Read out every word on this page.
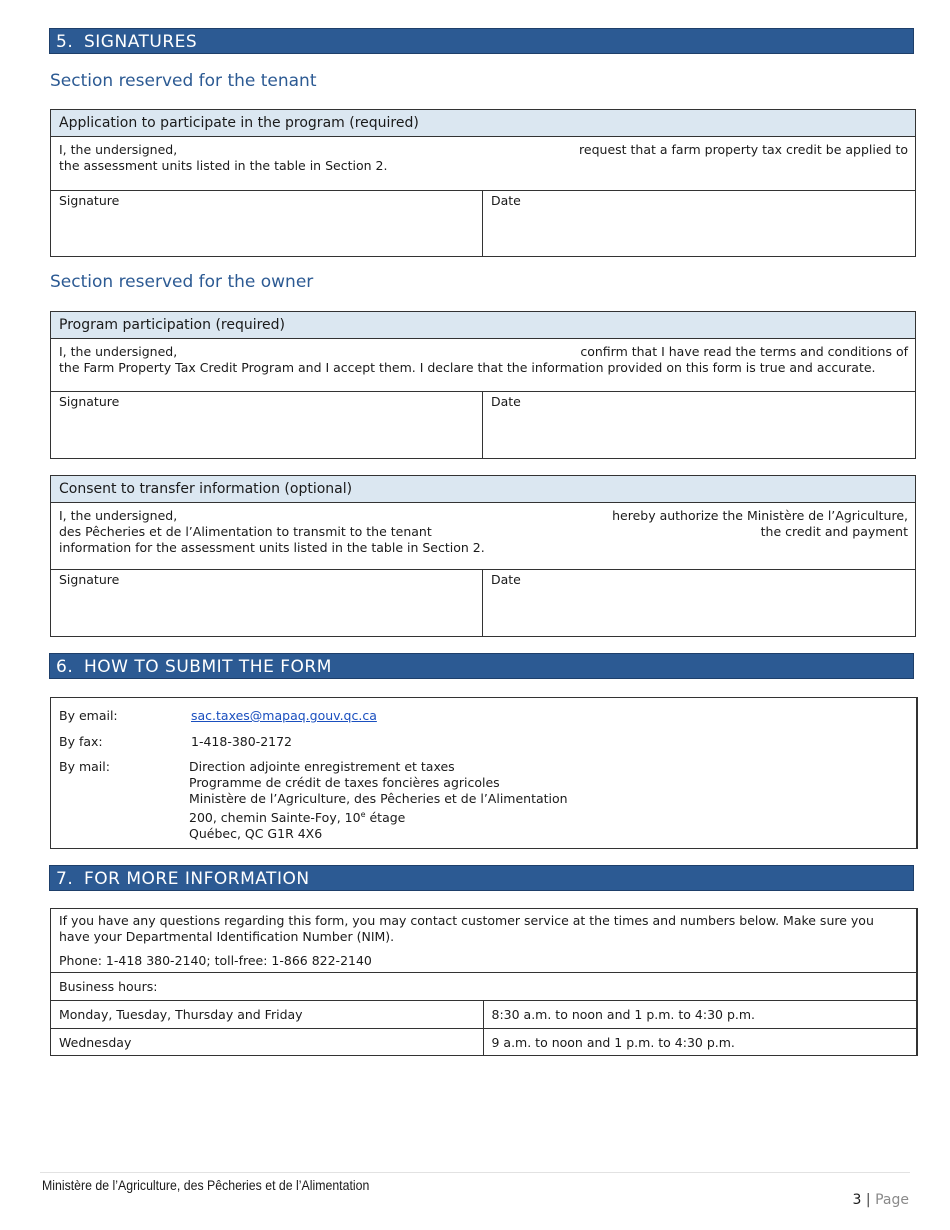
5. SIGNATURES
Section reserved for the tenant
Application to participate in the program (required)
I, the undersigned,	request that a farm property tax credit be applied to
the assessment units listed in the table in Section 2.
Signature	Date
Section reserved for the owner
Program participation (required)
I, the undersigned,	confirm that I have read the terms and conditions of
the Farm Property Tax Credit Program and I accept them. I declare that the information provided on this form is true and accurate.
Signature	Date
Consent to transfer information (optional)
I, the undersigned,	hereby authorize the Ministère de l’Agriculture,
des Pêcheries et de l’Alimentation to transmit to the tenant	the credit and payment
information for the assessment units listed in the table in Section 2.
Signature	Date
6. HOW TO SUBMIT THE FORM
By email:	sac.taxes@mapaq.gouv.qc.ca
By fax:	1-418-380-2172
By mail:	Direction adjointe enregistrement et taxes
Programme de crédit de taxes foncières agricoles
Ministère de l’Agriculture, des Pêcheries et de l’Alimentation
200, chemin Sainte-Foy, 10e étage
Québec, QC G1R 4X6
7. FOR MORE INFORMATION
If you have any questions regarding this form, you may contact customer service at the times and numbers below. Make sure you have your Departmental Identification Number (NIM).
Phone: 1-418 380-2140; toll-free: 1-866 822-2140
Business hours:
Monday, Tuesday, Thursday and Friday	8:30 a.m. to noon and 1 p.m. to 4:30 p.m.
Wednesday	9 a.m. to noon and 1 p.m. to 4:30 p.m.
Ministère de l’Agriculture, des Pêcheries et de l’Alimentation
3 | Page
